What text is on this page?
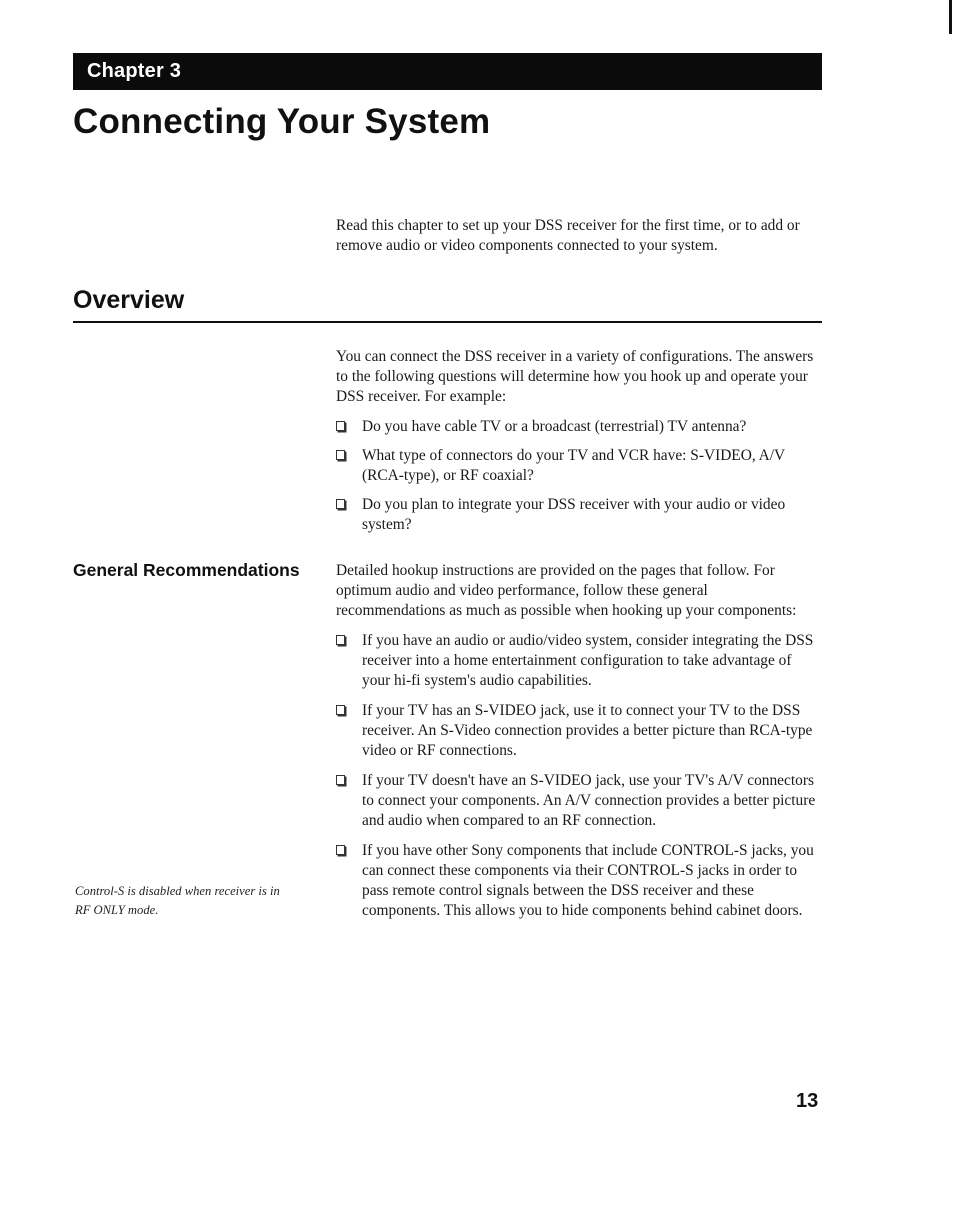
Chapter 3
Connecting Your System

Read this chapter to set up your DSS receiver for the first time, or to add or remove audio or video components connected to your system.

Overview

You can connect the DSS receiver in a variety of configurations. The answers to the following questions will determine how you hook up and operate your DSS receiver. For example:

Do you have cable TV or a broadcast (terrestrial) TV antenna?
What type of connectors do your TV and VCR have: S-VIDEO, A/V (RCA-type), or RF coaxial?
Do you plan to integrate your DSS receiver with your audio or video system?
General Recommendations Detailed hookup instructions are provided on the pages that follow. For optimum audio and video performance, follow these general recommendations as much as possible when hooking up your components:

If you have an audio or audio/video system, consider integrating the DSS receiver into a home entertainment configuration to take advantage of your hi-fi system's audio capabilities.
If your TV has an S-VIDEO jack, use it to connect your TV to the DSS receiver. An S-Video connection provides a better picture than RCA-type video or RF connections.
If your TV doesn't have an S-VIDEO jack, use your TV's A/V connectors to connect your components. An A/V connection provides a better picture and audio when compared to an RF connection.
If you have other Sony components that include CONTROL-S jacks, you can connect these components via their CONTROL-S jacks in order to pass remote control signals between the DSS receiver and these components. This allows you to hide components behind cabinet doors.

Control-S is disabled when receiver is in RF ONLY mode.

13
